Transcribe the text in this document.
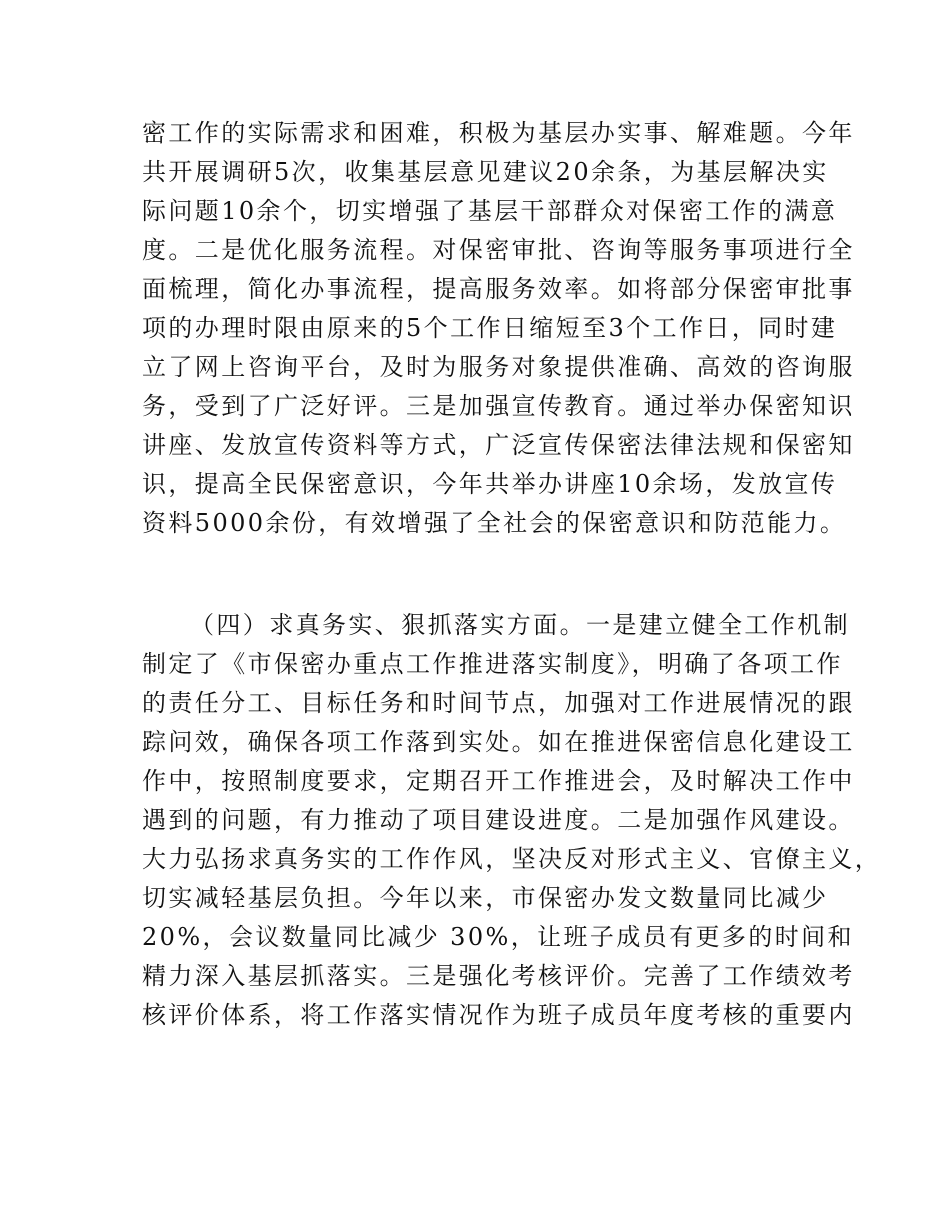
密工作的实际需求和困难，积极为基层办实事、解难题。今年
共开展调研5次，收集基层意见建议20余条，为基层解决实
际问题10余个，切实增强了基层干部群众对保密工作的满意
度。二是优化服务流程。对保密审批、咨询等服务事项进行全
面梳理，简化办事流程，提高服务效率。如将部分保密审批事
项的办理时限由原来的5个工作日缩短至3个工作日，同时建
立了网上咨询平台，及时为服务对象提供准确、高效的咨询服
务，受到了广泛好评。三是加强宣传教育。通过举办保密知识
讲座、发放宣传资料等方式，广泛宣传保密法律法规和保密知
识，提高全民保密意识，今年共举办讲座10余场，发放宣传
资料5000余份，有效增强了全社会的保密意识和防范能力。
（四）求真务实、狠抓落实方面。一是建立健全工作机制
制定了《市保密办重点工作推进落实制度》，明确了各项工作
的责任分工、目标任务和时间节点，加强对工作进展情况的跟
踪问效，确保各项工作落到实处。如在推进保密信息化建设工
作中，按照制度要求，定期召开工作推进会，及时解决工作中
遇到的问题，有力推动了项目建设进度。二是加强作风建设。
大力弘扬求真务实的工作作风，坚决反对形式主义、官僚主义，
切实减轻基层负担。今年以来，市保密办发文数量同比减少
20%，会议数量同比减少 30%，让班子成员有更多的时间和
精力深入基层抓落实。三是强化考核评价。完善了工作绩效考
核评价体系，将工作落实情况作为班子成员年度考核的重要内
